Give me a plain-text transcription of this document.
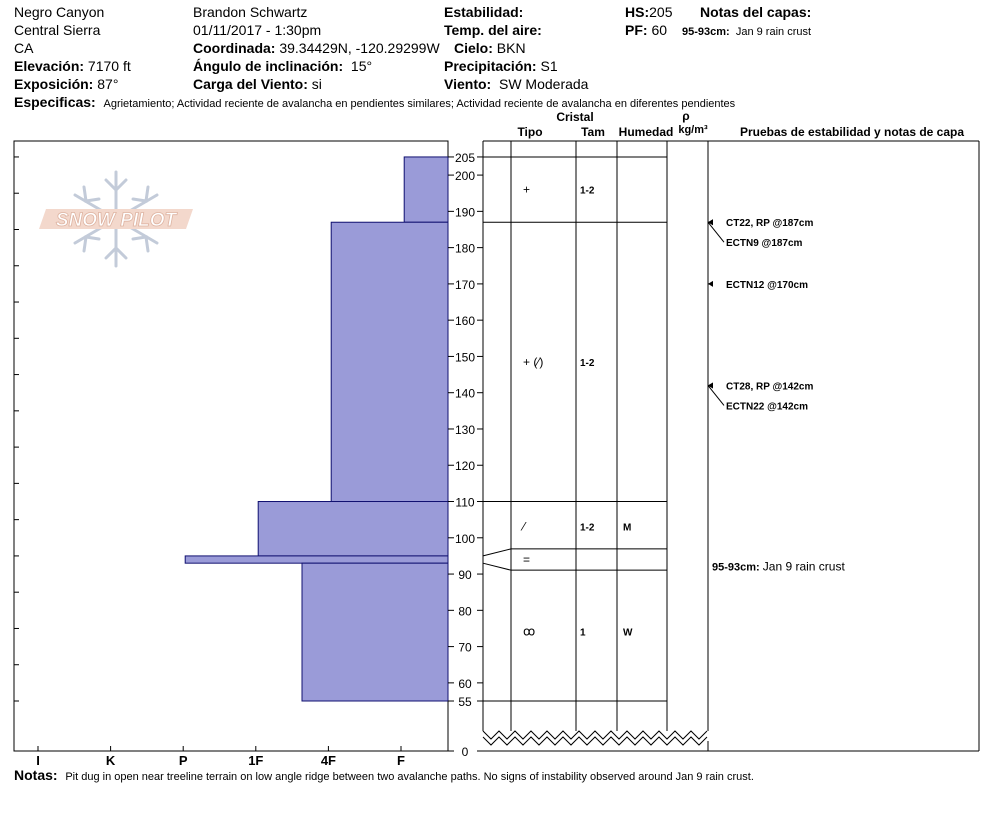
Negro Canyon
Central Sierra
CA
Elevación: 7170 ft
Exposición: 87°
Brandon Schwartz
01/11/2017 - 1:30pm
Coordinada: 39.34429N, -120.29299W
Ángulo de inclinación: 15°
Carga del Viento: si
Estabilidad:
Temp. del aire:
Cielo: BKN
Precipitación: S1
Viento: SW Moderada
HS:205
PF: 60
Notas del capas:
95-93cm: Jan 9 rain crust
Especificas: Agrietamiento; Actividad reciente de avalancha en pendientes similares; Actividad reciente de avalancha en diferentes pendientes
SNOW PILOT
I	K	P	1F	4F	F
205
200
190
180
170
160
150
140
130
120
110
100
90
80
70
60
55
0
+	1-2
+ (⁄)	1-2
⁄	1-2	M
=
ꝏ	1	W
Cristal
Tipo	Tam Humedad
ρ
kg/m³	Pruebas de estabilidad y notas de capa
CT22, RP @187cm
ECTN9 @187cm
ECTN12 @170cm
CT28, RP @142cm
ECTN22 @142cm
95-93cm: Jan 9 rain crust
Notas: Pit dug in open near treeline terrain on low angle ridge between two avalanche paths. No signs of instability observed around Jan 9 rain crust.
